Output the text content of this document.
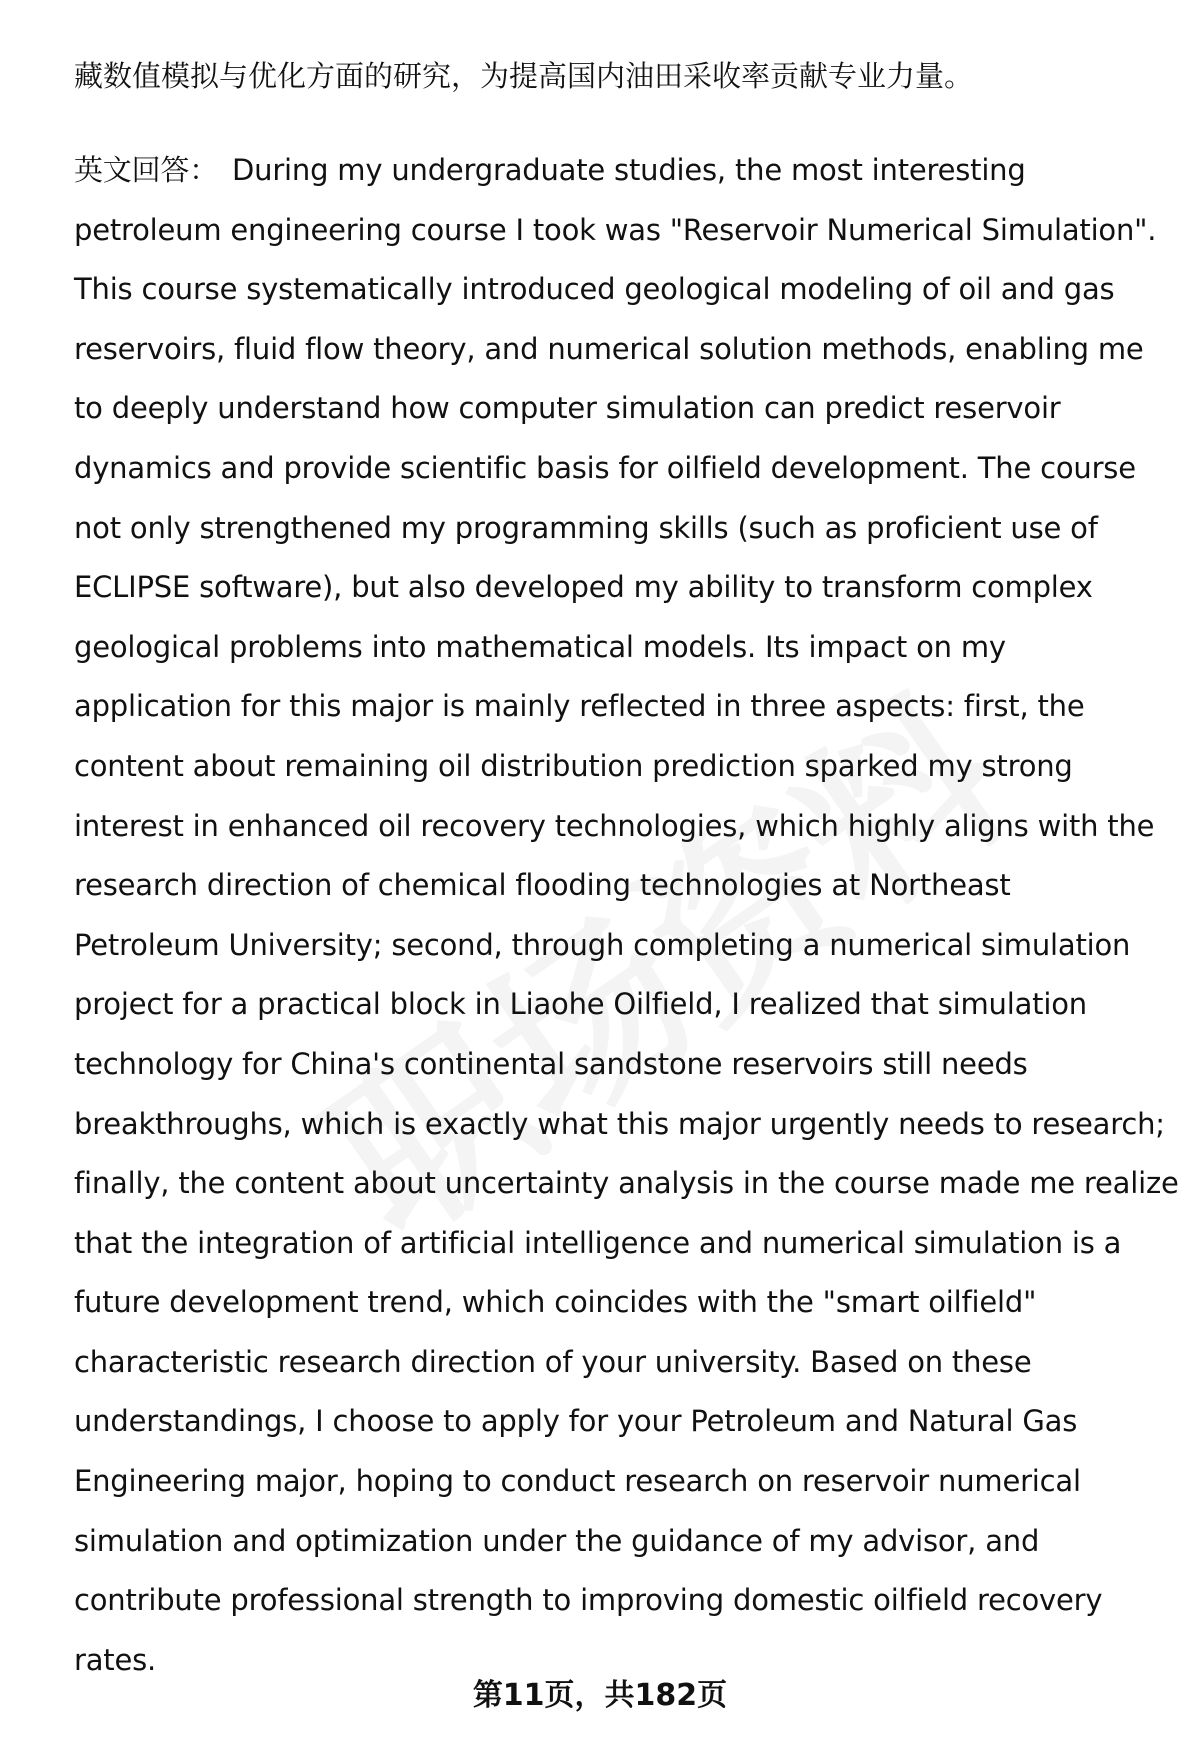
藏数值模拟与优化方面的研究，为提高国内油田采收率贡献专业力量。

英文回答： During my undergraduate studies, the most interesting
petroleum engineering course I took was "Reservoir Numerical Simulation".
This course systematically introduced geological modeling of oil and gas
reservoirs, fluid flow theory, and numerical solution methods, enabling me
to deeply understand how computer simulation can predict reservoir
dynamics and provide scientific basis for oilfield development. The course
not only strengthened my programming skills (such as proficient use of
ECLIPSE software), but also developed my ability to transform complex
geological problems into mathematical models. Its impact on my
application for this major is mainly reflected in three aspects: first, the
content about remaining oil distribution prediction sparked my strong
interest in enhanced oil recovery technologies, which highly aligns with the
research direction of chemical flooding technologies at Northeast
Petroleum University; second, through completing a numerical simulation
project for a practical block in Liaohe Oilfield, I realized that simulation
technology for China's continental sandstone reservoirs still needs
breakthroughs, which is exactly what this major urgently needs to research;
finally, the content about uncertainty analysis in the course made me realize
that the integration of artificial intelligence and numerical simulation is a
future development trend, which coincides with the "smart oilfield"
characteristic research direction of your university. Based on these
understandings, I choose to apply for your Petroleum and Natural Gas
Engineering major, hoping to conduct research on reservoir numerical
simulation and optimization under the guidance of my advisor, and
contribute professional strength to improving domestic oilfield recovery
rates.
第11页，共182页
